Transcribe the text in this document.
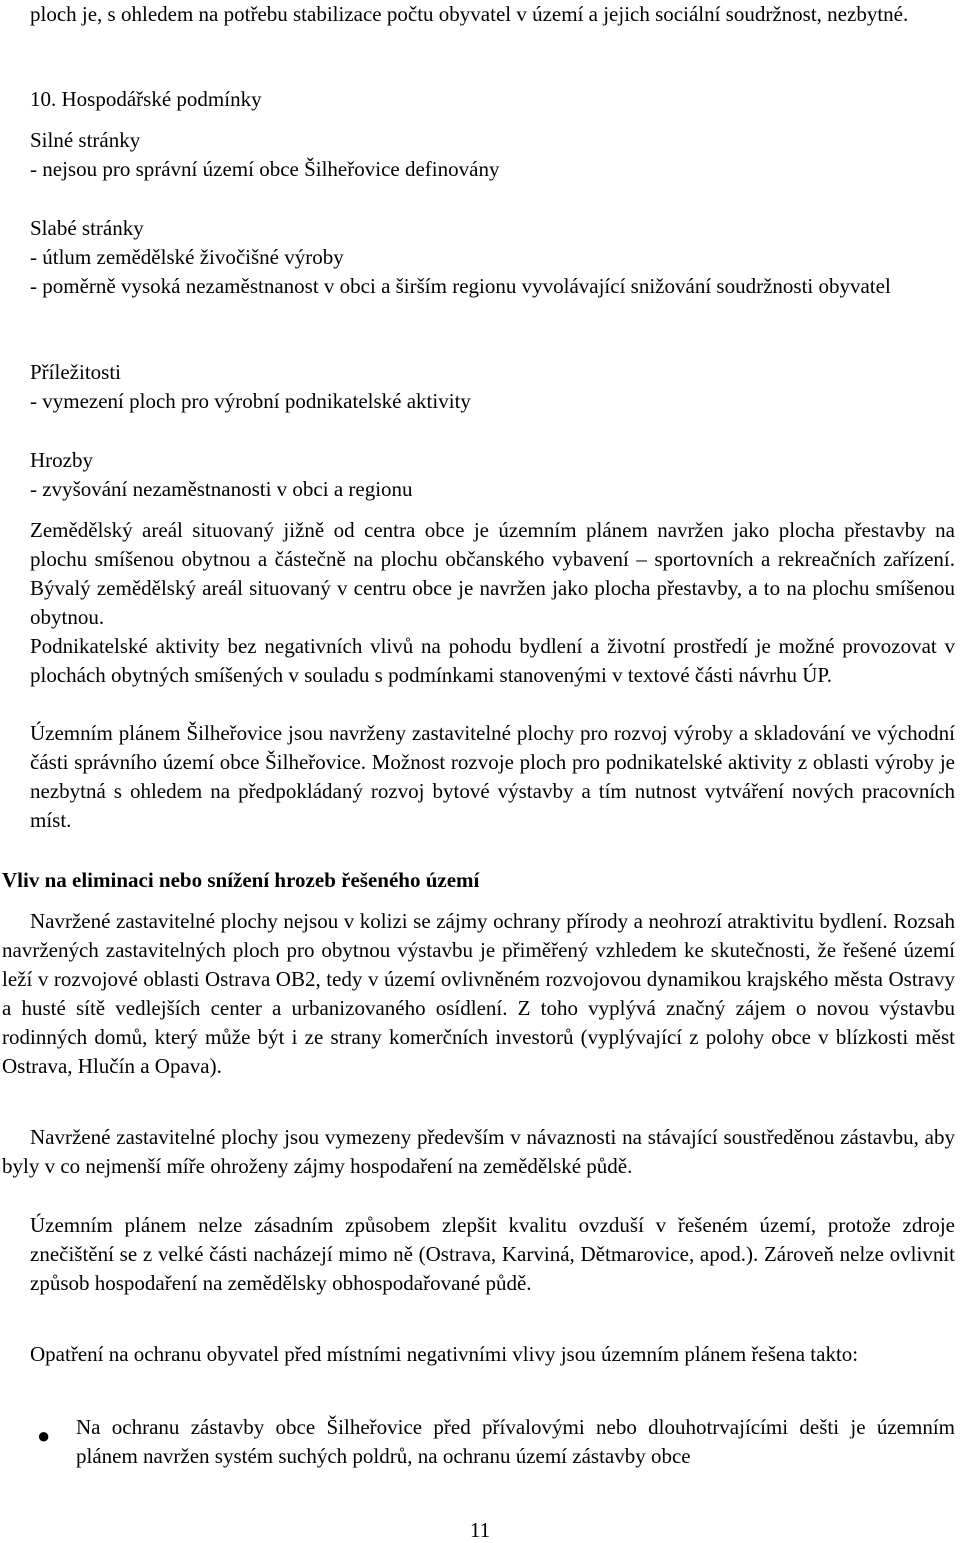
ploch je, s ohledem na potřebu stabilizace počtu obyvatel v území a jejich sociální soudržnost, nezbytné.

10. Hospodářské podmínky

Silné stránky

- nejsou pro správní území obce Šilheřovice definovány

Slabé stránky

- útlum zemědělské živočišné výroby

- poměrně vysoká nezaměstnanost v obci a širším regionu vyvolávající snižování soudržnosti obyvatel

Příležitosti

- vymezení ploch pro výrobní podnikatelské aktivity

Hrozby

- zvyšování nezaměstnanosti v obci a regionu

Zemědělský areál situovaný jižně od centra obce je územním plánem navržen jako plocha přestavby na plochu smíšenou obytnou a částečně na plochu občanského vybavení – sportovních a rekreačních zařízení. Bývalý zemědělský areál situovaný v centru obce je navržen jako plocha přestavby, a to na plochu smíšenou obytnou.

Podnikatelské aktivity bez negativních vlivů na pohodu bydlení a životní prostředí je možné provozovat v plochách obytných smíšených v souladu s podmínkami stanovenými v textové části návrhu ÚP.

Územním plánem Šilheřovice jsou navrženy zastavitelné plochy pro rozvoj výroby a skladování ve východní části správního území obce Šilheřovice. Možnost rozvoje ploch pro podnikatelské aktivity z oblasti výroby je nezbytná s ohledem na předpokládaný rozvoj bytové výstavby a tím nutnost vytváření nových pracovních míst.

Vliv na eliminaci nebo snížení hrozeb řešeného území

Navržené zastavitelné plochy nejsou v kolizi se zájmy ochrany přírody a neohrozí atraktivitu bydlení. Rozsah navržených zastavitelných ploch pro obytnou výstavbu je přiměřený vzhledem ke skutečnosti, že řešené území leží v rozvojové oblasti Ostrava OB2, tedy v území ovlivněném rozvojovou dynamikou krajského města Ostravy a husté sítě vedlejších center a urbanizovaného osídlení. Z toho vyplývá značný zájem o novou výstavbu rodinných domů, který může být i ze strany komerčních investorů (vyplývající z polohy obce v blízkosti měst Ostrava, Hlučín a Opava).

Navržené zastavitelné plochy jsou vymezeny především v návaznosti na stávající soustředěnou zástavbu, aby byly v co nejmenší míře ohroženy zájmy hospodaření na zemědělské půdě.

Územním plánem nelze zásadním způsobem zlepšit kvalitu ovzduší v řešeném území, protože zdroje znečištění se z velké části nacházejí mimo ně (Ostrava, Karviná, Dětmarovice, apod.). Zároveň nelze ovlivnit způsob hospodaření na zemědělsky obhospodařované půdě.

Opatření na ochranu obyvatel před místními negativními vlivy jsou územním plánem řešena takto:

● Na ochranu zástavby obce Šilheřovice před přívalovými nebo dlouhotrvajícími dešti je územním plánem navržen systém suchých poldrů, na ochranu území zástavby obce

11
